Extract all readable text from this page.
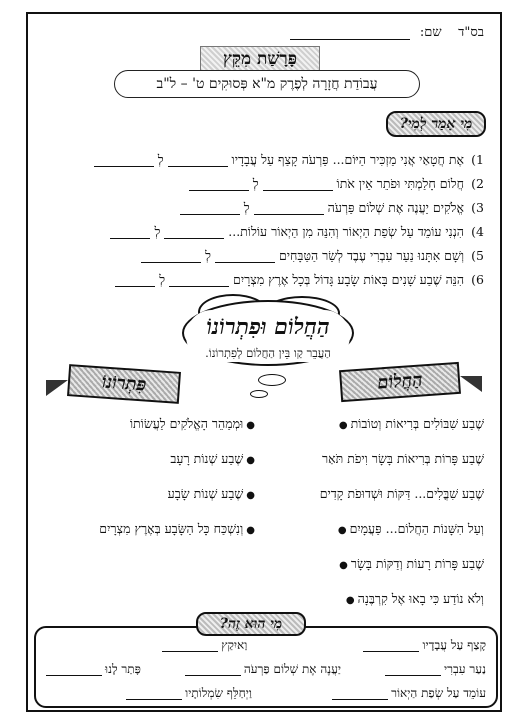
בס"ד    שם:
פָּרָשַׁת מִקֵּץ
עֲבוֹדַת חֲזָרָה לְפֶרֶק מ"א פְּסוּקִים ט' – ל"ב
מִי אָמַר לְמִי?
1) אֶת חֲטָאַי אֲנִי מַזְכִּיר הַיּוֹם... פַּרְעֹה קָצַף עַל עֲבָדָיו  לְ
2) חֲלוֹם חָלַמְתִּי וּפֹתֵר אֵין אֹתוֹ  לְ
3) אֱלֹקִים יַעֲנֶה אֶת שְׁלוֹם פַּרְעֹה  לְ
4) הִנְנִי עוֹמֵד עַל שְׂפַת הַיְאוֹר וְהִנֵּה מִן הַיְאוֹר עוֹלוֹת...  לְ
5) וְשָׁם אִתָּנוּ נַעַר עִבְרִי עֶבֶד לְשַׂר הַטַּבָּחִים  לְ
6) הִנֵּה שֶׁבַע שָׁנִים בָּאוֹת שָׂבָע גָּדוֹל בְּכָל אֶרֶץ מִצְרָיִם  לְ
הַחֲלוֹם וּפִתְרוֹנוֹ
הַעֲבֵר קַו בֵּין הַחֲלוֹם לְפִתְרוֹנוֹ.
הַחֲלוֹם
פִּתְרוֹנוֹ
שֶׁבַע שִׁבּוֹלִים בְּרִיאוֹת וְטוֹבוֹת●
שֶׁבַע פָּרוֹת בְּרִיאוֹת בָּשָׂר וִיפֹת תֹּאַר
שֶׁבַע שִׁבֳּלִים... דַּקּוֹת וּשְׁדוּפֹת קָדִים
וְעַל הִשָּׁנוֹת הַחֲלוֹם... פַּעֲמָיִם●
שֶׁבַע פָּרוֹת רָעוֹת וְדַקּוֹת בָּשָׂר●
וְלֹא נוֹדַע כִּי בָאוּ אֶל קִרְבֶּנָה●
●וּמְמַהֵר הָאֱלֹקִים לַעֲשׂוֹתוֹ
●שֶׁבַע שְׁנוֹת רָעָב
●שֶׁבַע שְׁנוֹת שָׂבָע
●וְנִשְׁכַּח כָּל הַשָּׂבָע בְּאֶרֶץ מִצְרָיִם
מִי הוּא זֶה?
קָצַף עַל עֲבָדָיו
וַאיִקַץ
נַעַר עִבְרִי
יַעֲנֶה אֶת שְׁלוֹם פַּרְעֹה
פָּתַר לָנוּ
עוֹמֵד עַל שְׂפַת הַיְאוֹר
וַיְחַלֵּף שִׂמְלוֹתָיו
